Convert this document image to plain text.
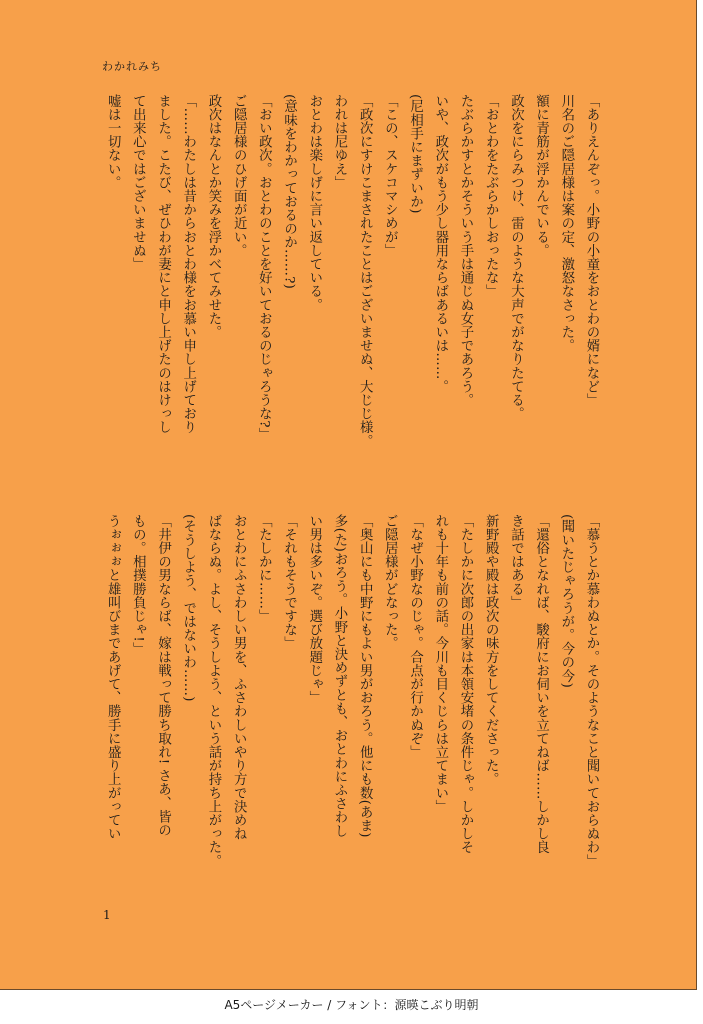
わかれみち
「ありえんぞっ。小野の小童をおとわの婿になど」
川名のご隠居様は案の定、激怒なさった。
額に青筋が浮かんでいる。
政次をにらみつけ、雷のような大声でがなりたてる。
「おとわをたぶらかしおったな」
たぶらかすとかそういう手は通じぬ女子であろう。
いや、政次がもう少し器用ならばあるいは……。
(尼相手にまずいか)
「この、スケコマシめが」
「政次にすけこまされたことはございませぬ、大じじ様。
われは尼ゆえ」
おとわは楽しげに言い返している。
(意味をわかっておるのか……?)
「おい政次。おとわのことを好いておるのじゃろうな?」
ご隠居様のひげ面が近い。
政次はなんとか笑みを浮かべてみせた。
「……わたしは昔からおとわ様をお慕い申し上げており
ました。こたび、ぜひわが妻にと申し上げたのはけっし
て出来心ではございませぬ」
嘘は一切ない。
「慕うとか慕わぬとか。そのようなこと聞いておらぬわ」
(聞いたじゃろうが。今の今)
「還俗となれば、駿府にお伺いを立てねば……しかし良
き話ではある」
新野殿や殿は政次の味方をしてくださった。
「たしかに次郎の出家は本領安堵の条件じゃ。しかしそ
れも十年も前の話。今川も目くじらは立てまい」
「なぜ小野なのじゃ。合点が行かぬぞ」
ご隠居様がどなった。
「奥山にも中野にもよい男がおろう。他にも数(あま)
多(た)おろう。小野と決めずとも、おとわにふさわし
い男は多いぞ。選び放題じゃ」
「それもそうですな」
「たしかに……」
おとわにふさわしい男を、ふさわしいやり方で決めね
ばならぬ。よし、そうしよう、という話が持ち上がった。
(そうしよう、ではないわ……)
「井伊の男ならば、嫁は戦って勝ち取れ! さあ、皆の
もの。相撲勝負じゃ!」
うぉぉぉと雄叫びまであげて、勝手に盛り上がってい
1
A5ページメーカー / フォント：源暎こぶり明朝
